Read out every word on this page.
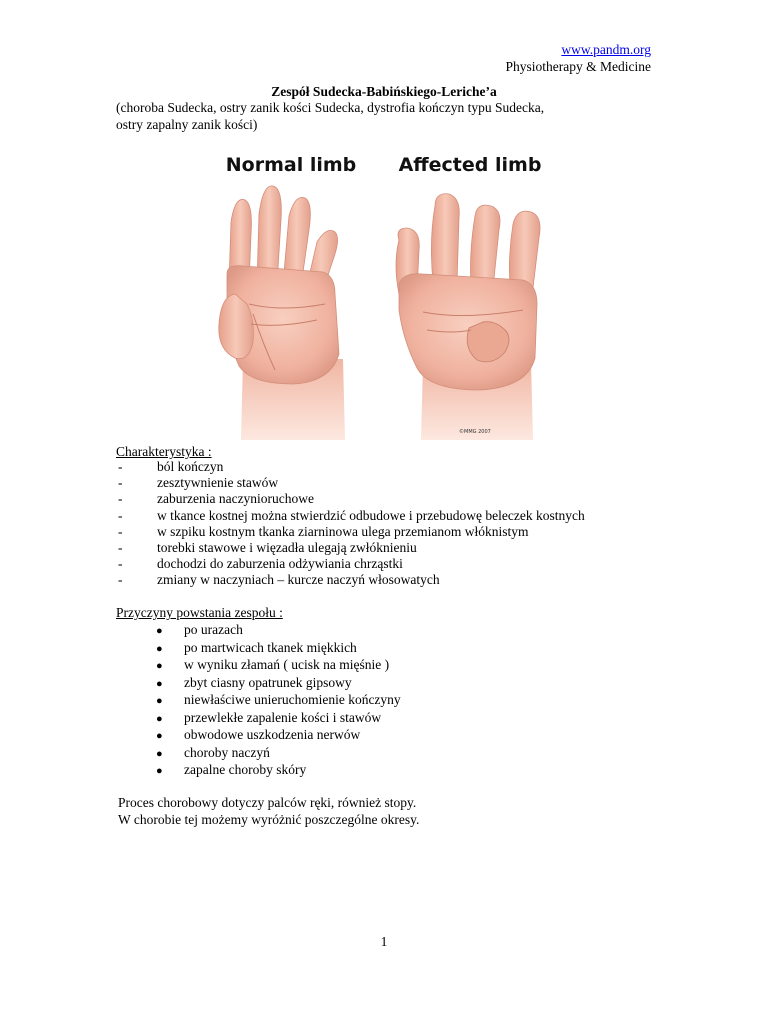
www.pandm.org
Physiotherapy & Medicine
Zespół Sudecka-Babińskiego-Leriche’a
(choroba Sudecka, ostry zanik kości Sudecka, dystrofia kończyn typu Sudecka,
ostry zapalny zanik kości)
Normal limb Affected limb
©MMG 2007
Charakterystyka :
-	ból kończyn
-	zesztywnienie stawów
-	zaburzenia naczynioruchowe
-	w tkance kostnej można stwierdzić odbudowe i przebudowę beleczek kostnych
-	w szpiku kostnym tkanka ziarninowa ulega przemianom włóknistym
-	torebki stawowe i więzadła ulegają zwłóknieniu
-	dochodzi do zaburzenia odżywiania chrząstki
-	zmiany w naczyniach – kurcze naczyń włosowatych
Przyczyny powstania zespołu :
●	po urazach
●	po martwicach tkanek miękkich
●	w wyniku złamań ( ucisk na mięśnie )
●	zbyt ciasny opatrunek gipsowy
●	niewłaściwe unieruchomienie kończyny
●	przewlekłe zapalenie kości i stawów
●	obwodowe uszkodzenia nerwów
●	choroby naczyń
●	zapalne choroby skóry
Proces chorobowy dotyczy palców ręki, również stopy.
W chorobie tej możemy wyróżnić poszczególne okresy.
1
